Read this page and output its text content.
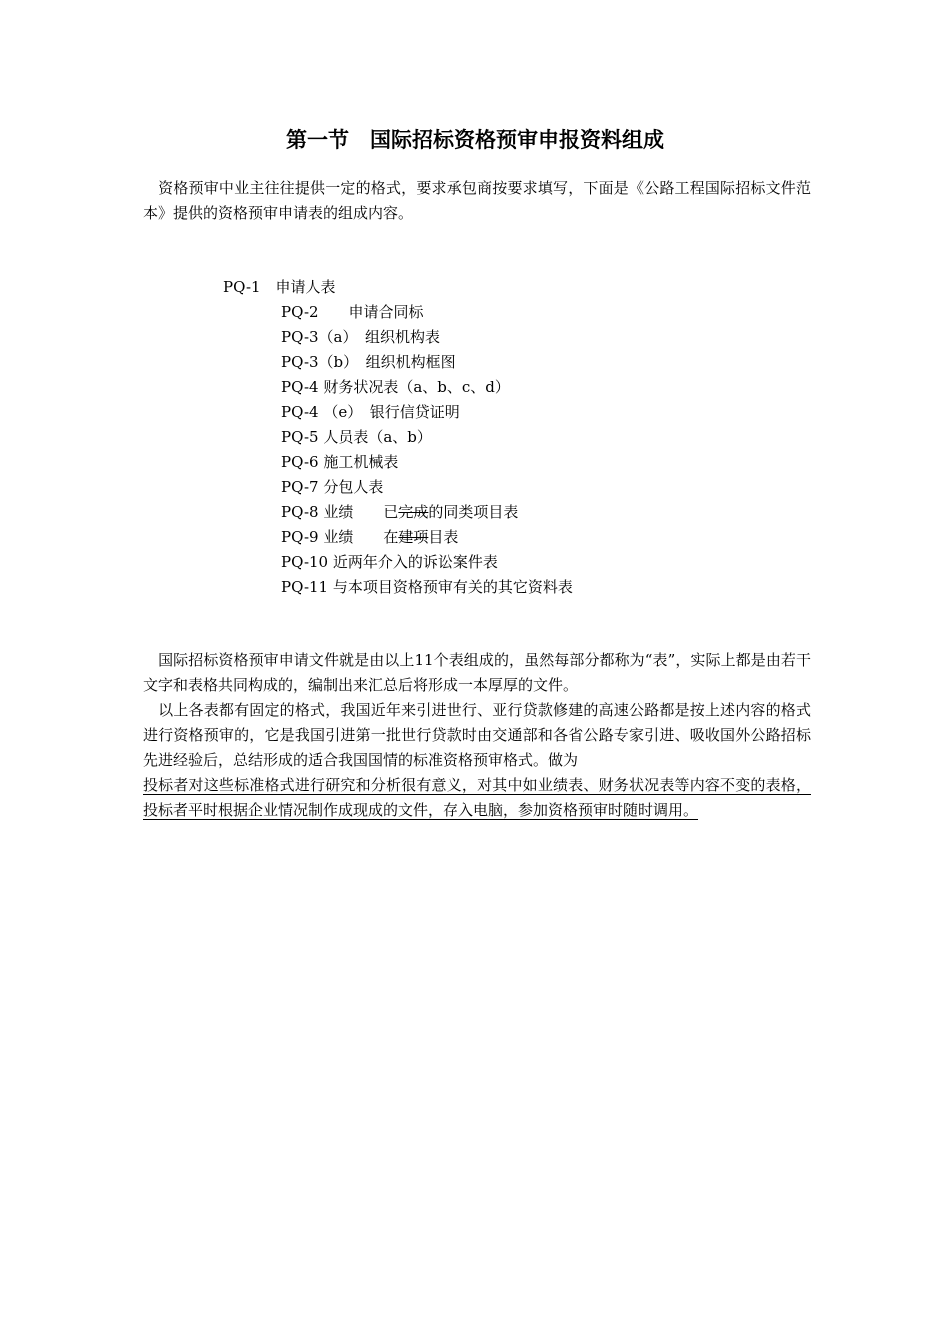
第一节　国际招标资格预审申报资料组成
　资格预审中业主往往提供一定的格式，要求承包商按要求填写，下面是《公路工程国际招标文件范本》提供的资格预审申请表的组成内容。
PQ-1　申请人表
PQ-2　　申请合同标
PQ-3（a）　组织机构表
PQ-3（b）　组织机构框图
PQ-4 财务状况表（a、b、c、d）
PQ-4 （e）　银行信贷证明
PQ-5 人员表（a、b）
PQ-6 施工机械表
PQ-7 分包人表
PQ-8 业绩　　已完成的同类项目表
PQ-9 业绩　　在建项目表
PQ-10 近两年介入的诉讼案件表
PQ-11 与本项目资格预审有关的其它资料表
　国际招标资格预审申请文件就是由以上11个表组成的，虽然每部分都称为“表”，实际上都是由若干文字和表格共同构成的，编制出来汇总后将形成一本厚厚的文件。
　以上各表都有固定的格式，我国近年来引进世行、亚行贷款修建的高速公路都是按上述内容的格式进行资格预审的，它是我国引进第一批世行贷款时由交通部和各省公路专家引进、吸收国外公路招标先进经验后，总结形成的适合我国国情的标准资格预审格式。做为
投标者对这些标准格式进行研究和分析很有意义，对其中如业绩表、财务状况表等内容不变的表格，投标者平时根据企业情况制作成现成的文件，存入电脑，参加资格预审时随时调用。
